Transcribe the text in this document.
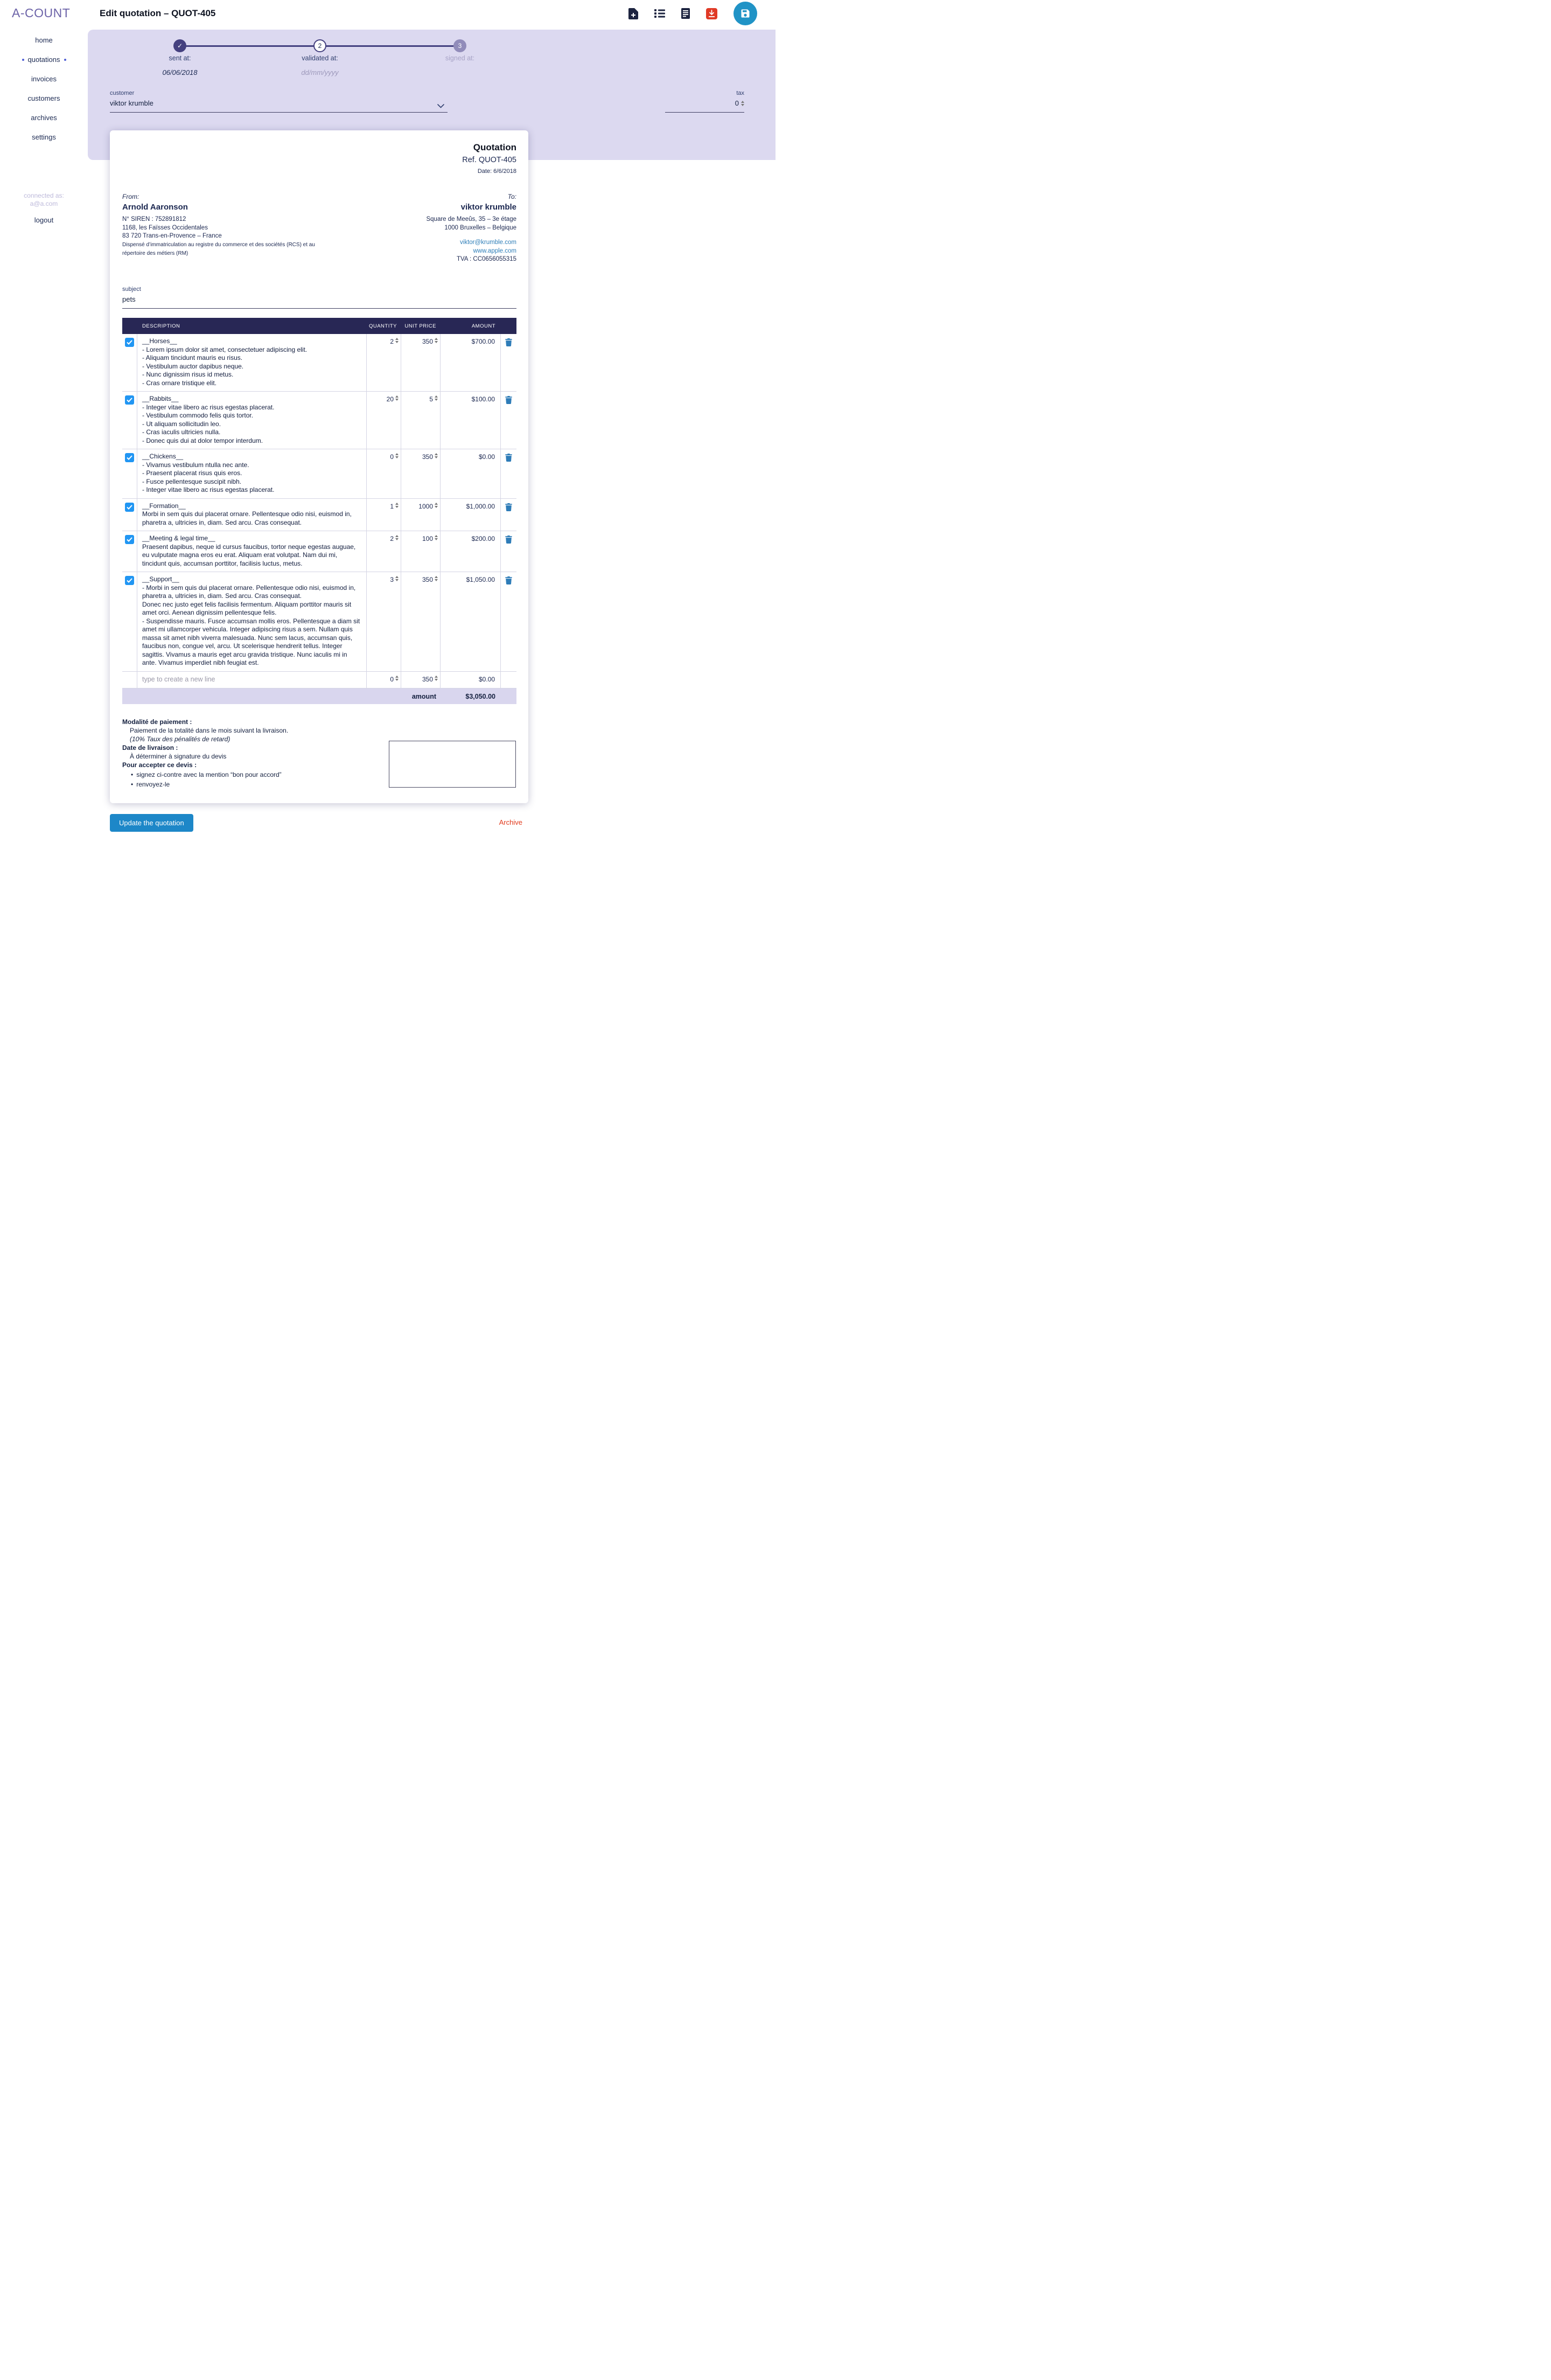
A-COUNT	Edit quotation – QUOT-405
home
quotations
invoices
customers
archives
settings
connected as:
a@a.com
logout
✓	2	3
sent at:	validated at:	signed at:
06/06/2018	dd/mm/yyyy
customer
viktor krumble
tax
0
Quotation
Ref. QUOT-405
Date: 6/6/2018
From:
Arnold Aaronson
N° SIREN : 752891812
1168, les Faïsses Occidentales
83 720 Trans-en-Provence – France
Dispensé d’immatriculation au registre du commerce et des sociétés (RCS) et au
répertoire des métiers (RM)
To:
viktor krumble
Square de Meeûs, 35 – 3e étage
1000 Bruxelles – Belgique
viktor@krumble.com
www.apple.com
TVA : CC0656055315
subject
pets
DESCRIPTION	QUANTITY	UNIT PRICE	AMOUNT
__Horses__
- Lorem ipsum dolor sit amet, consectetuer adipiscing elit.
- Aliquam tincidunt mauris eu risus.
- Vestibulum auctor dapibus neque.
- Nunc dignissim risus id metus.
- Cras ornare tristique elit.
2	350	$700.00
__Rabbits__
- Integer vitae libero ac risus egestas placerat.
- Vestibulum commodo felis quis tortor.
- Ut aliquam sollicitudin leo.
- Cras iaculis ultricies nulla.
- Donec quis dui at dolor tempor interdum.
20	5	$100.00
__Chickens__
- Vivamus vestibulum ntulla nec ante.
- Praesent placerat risus quis eros.
- Fusce pellentesque suscipit nibh.
- Integer vitae libero ac risus egestas placerat.
0	350	$0.00
__Formation__
Morbi in sem quis dui placerat ornare. Pellentesque odio nisi, euismod in, pharetra a, ultricies in, diam. Sed arcu. Cras consequat.
1	1000	$1,000.00
__Meeting & legal time__
Praesent dapibus, neque id cursus faucibus, tortor neque egestas auguae, eu vulputate magna eros eu erat. Aliquam erat volutpat. Nam dui mi, tincidunt quis, accumsan porttitor, facilisis luctus, metus.
2	100	$200.00
__Support__
- Morbi in sem quis dui placerat ornare. Pellentesque odio nisi, euismod in, pharetra a, ultricies in, diam. Sed arcu. Cras consequat.
Donec nec justo eget felis facilisis fermentum. Aliquam porttitor mauris sit amet orci. Aenean dignissim pellentesque felis.
- Suspendisse mauris. Fusce accumsan mollis eros. Pellentesque a diam sit amet mi ullamcorper vehicula. Integer adipiscing risus a sem. Nullam quis massa sit amet nibh viverra malesuada. Nunc sem lacus, accumsan quis, faucibus non, congue vel, arcu. Ut scelerisque hendrerit tellus. Integer sagittis. Vivamus a mauris eget arcu gravida tristique. Nunc iaculis mi in ante. Vivamus imperdiet nibh feugiat est.
3	350	$1,050.00
type to create a new line	0	350	$0.00
amount	$3,050.00
Modalité de paiement :
Paiement de la totalité dans le mois suivant la livraison.
(10% Taux des pénalités de retard)
Date de livraison :
À déterminer à signature du devis
Pour accepter ce devis :
• signez ci-contre avec la mention “bon pour accord”
• renvoyez-le
Update the quotation	Archive
